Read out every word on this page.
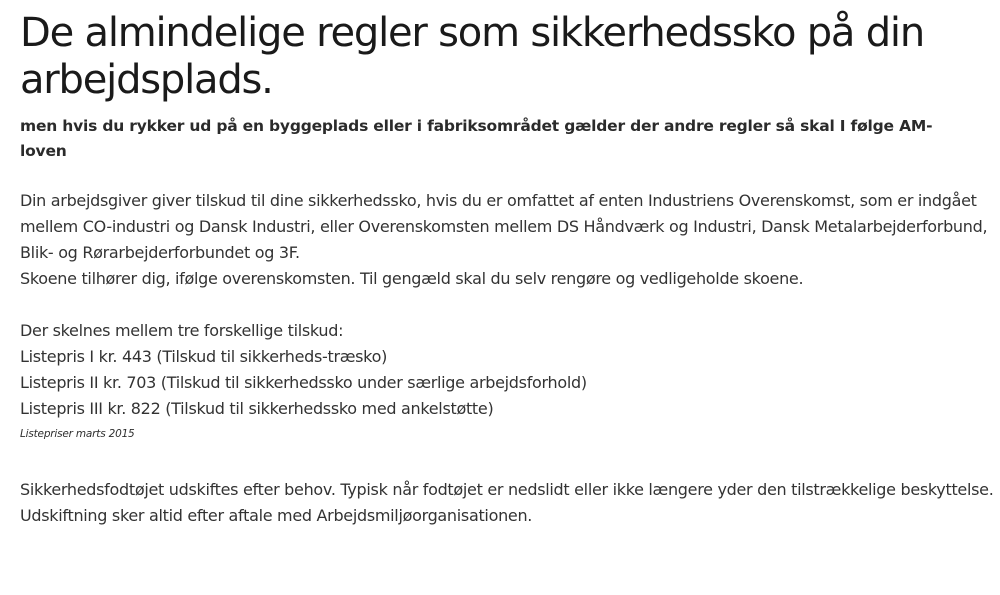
De almindelige regler som sikkerhedssko på din arbejdsplads.

men hvis du rykker ud på en byggeplads eller i fabriksområdet gælder der andre regler så skal I følge AM-loven

Din arbejdsgiver giver tilskud til dine sikkerhedssko, hvis du er omfattet af enten Industriens Overenskomst, som er indgået mellem CO-industri og Dansk Industri, eller Overenskomsten mellem DS Håndværk og Industri, Dansk Metalarbejderforbund, Blik- og Rørarbejderforbundet og 3F.
Skoene tilhører dig, ifølge overenskomsten. Til gengæld skal du selv rengøre og vedligeholde skoene.
Der skelnes mellem tre forskellige tilskud:
Listepris I kr. 443 (Tilskud til sikkerheds-træsko)
Listepris II kr. 703 (Tilskud til sikkerhedssko under særlige arbejdsforhold)
Listepris III kr. 822 (Tilskud til sikkerhedssko med ankelstøtte)

Listepriser marts 2015

Sikkerhedsfodtøjet udskiftes efter behov. Typisk når fodtøjet er nedslidt eller ikke længere yder den tilstrækkelige beskyttelse. Udskiftning sker altid efter aftale med Arbejdsmiljøorganisationen.
